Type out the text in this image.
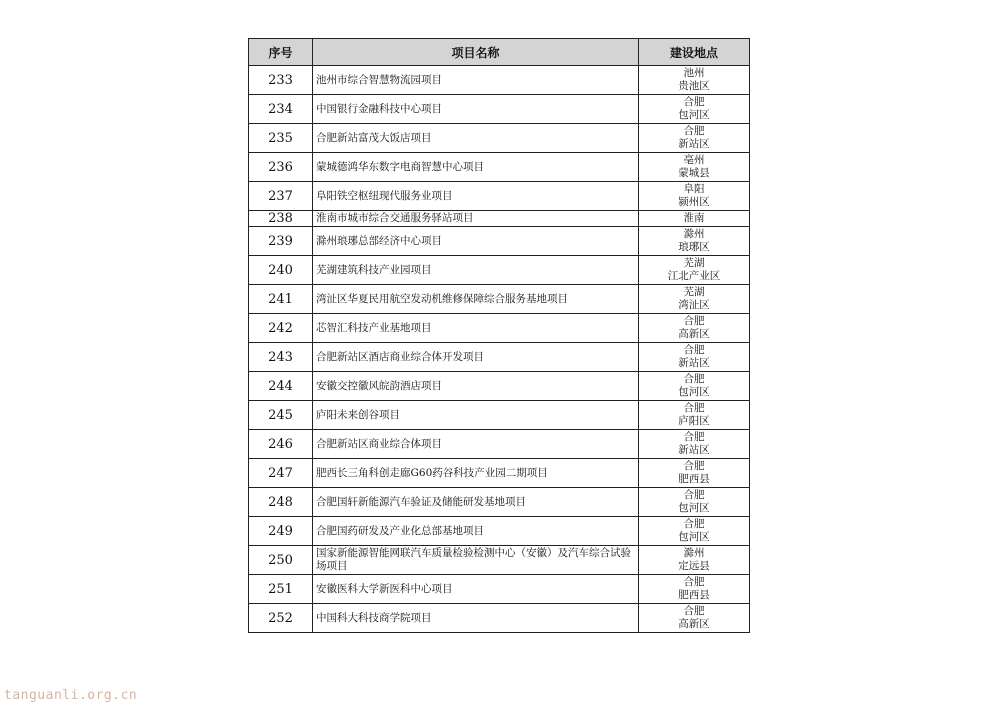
序号	项目名称	建设地点
233	池州市综合智慧物流园项目	池州
贵池区

234	中国银行金融科技中心项目	合肥
包河区

235	合肥新站富茂大饭店项目	合肥
新站区

236	蒙城德鸿华东数字电商智慧中心项目	亳州
蒙城县

237	阜阳铁空枢纽现代服务业项目	阜阳
颍州区

238	淮南市城市综合交通服务驿站项目	淮南

239	滁州琅琊总部经济中心项目	滁州
琅琊区

240	芜湖建筑科技产业园项目	芜湖
江北产业区

241	湾沚区华夏民用航空发动机维修保障综合服务基地项目	芜湖
湾沚区

242	芯智汇科技产业基地项目	合肥
高新区

243	合肥新站区酒店商业综合体开发项目	合肥
新站区

244	安徽交控徽风皖韵酒店项目	合肥
包河区

245	庐阳未来创谷项目	合肥
庐阳区

246	合肥新站区商业综合体项目	合肥
新站区

247	肥西长三角科创走廊G60药谷科技产业园二期项目	合肥
肥西县

248	合肥国轩新能源汽车验证及储能研发基地项目	合肥
包河区

249	合肥国药研发及产业化总部基地项目	合肥
包河区

250	国家新能源智能网联汽车质量检验检测中心（安徽）及汽车综合试验场项目	滁州
定远县

251	安徽医科大学新医科中心项目	合肥
肥西县

252	中国科大科技商学院项目	合肥
高新区
tanguanli.org.cn
